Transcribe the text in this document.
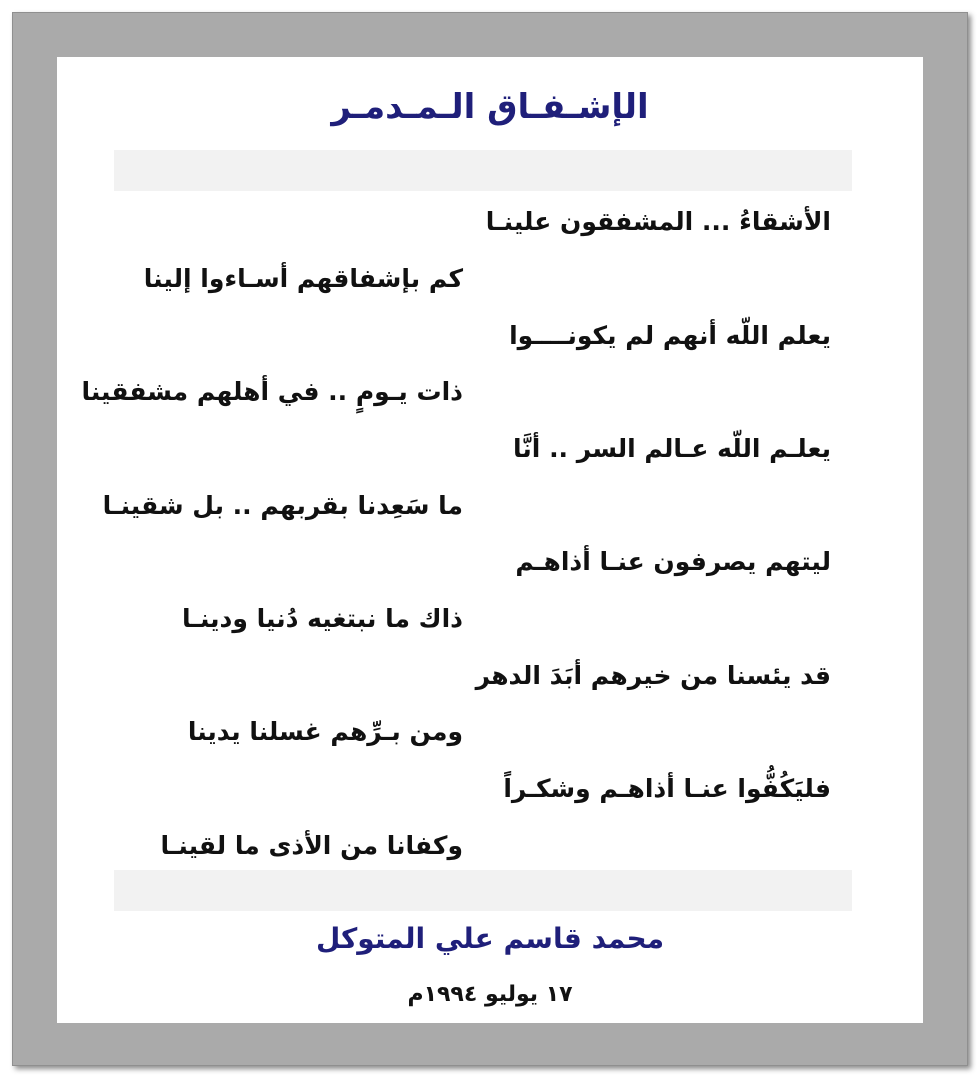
الإشـفـاق الـمـدمـر
الأشقاءُ ... المشفقون علينـا
كم بإشفاقهم أسـاءوا إلينا
يعلم اللّه أنهم لم يكونــــوا
ذات يـومٍ .. في أهلهم مشفقينا
يعلـم اللّه عـالم السر .. أنَّا
ما سَعِدنا بقربهم .. بل شقينـا
ليتهم يصرفون عنـا أذاهـم
ذاك ما نبتغيه دُنيا ودينـا
قد يئسنا من خيرهم أبَدَ الدهر
ومن بـرِّهم غسلنا يدينا
فليَكُفُّوا عنـا أذاهـم وشكـراً
وكفانا من الأذى ما لقينـا
محمد قاسم علي المتوكل
١٧ يوليو ١٩٩٤م
